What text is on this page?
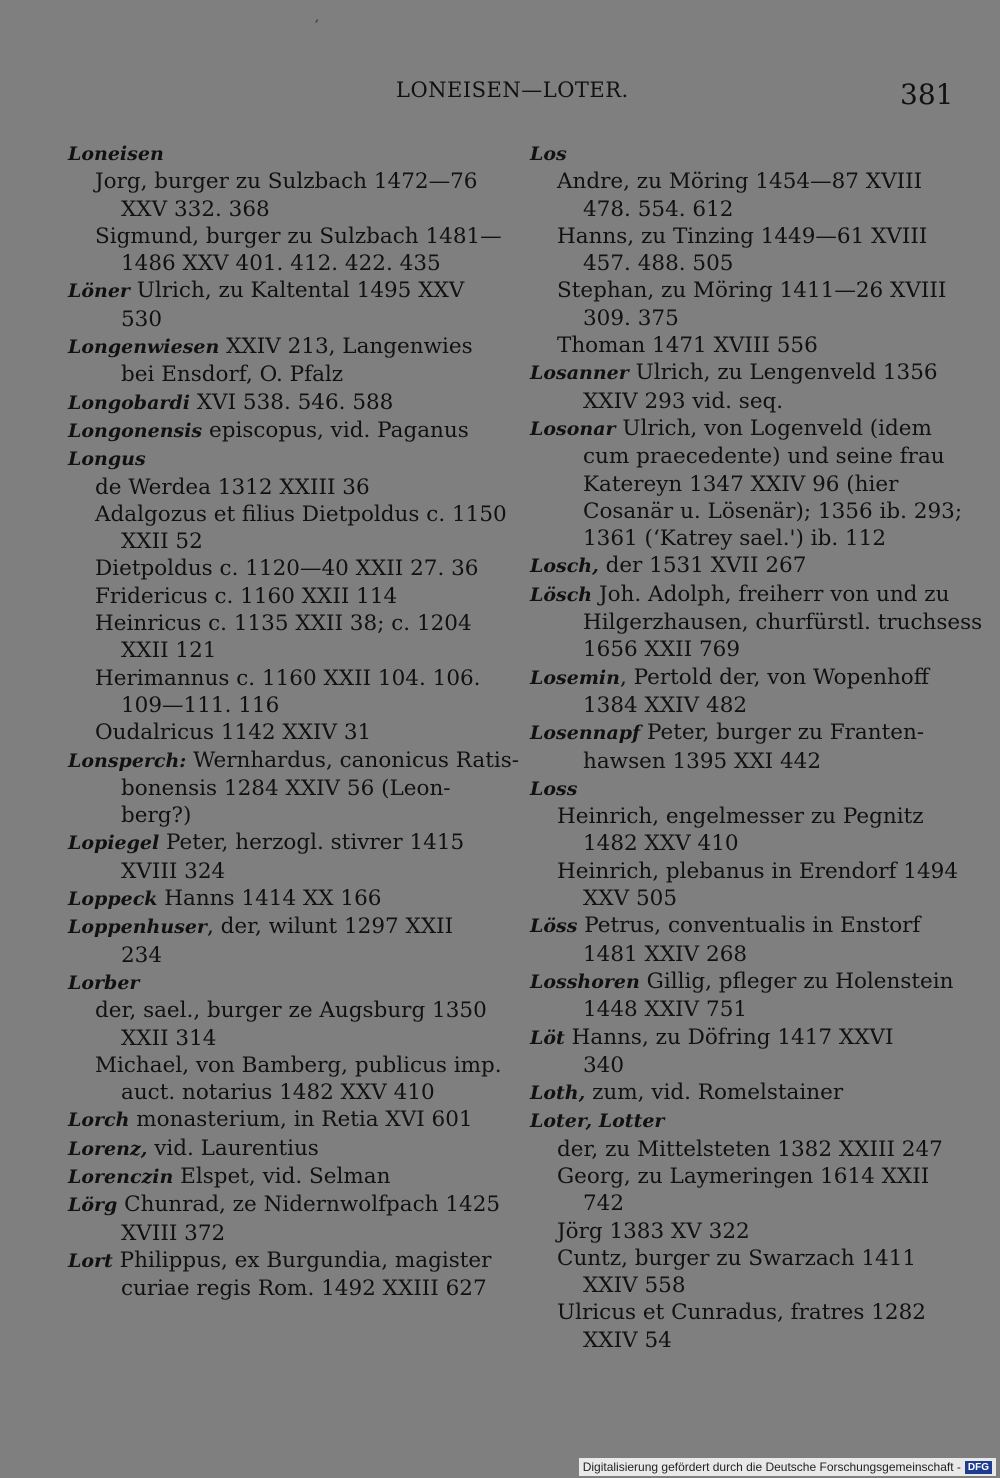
ʼ
LONEISEN—LOTER.	381
Loneisen
Jorg, burger zu Sulzbach 1472—76
XXV 332. 368
Sigmund, burger zu Sulzbach 1481—
1486 XXV 401. 412. 422. 435
Löner Ulrich, zu Kaltental 1495 XXV
530
Longenwiesen XXIV 213, Langenwies
bei Ensdorf, O. Pfalz
Longobardi XVI 538. 546. 588
Longonensis episcopus, vid. Paganus
Longus
de Werdea 1312 XXIII 36
Adalgozus et filius Dietpoldus c. 1150
XXII 52
Dietpoldus c. 1120—40 XXII 27. 36
Fridericus c. 1160 XXII 114
Heinricus c. 1135 XXII 38; c. 1204
XXII 121
Herimannus c. 1160 XXII 104. 106.
109—111. 116
Oudalricus 1142 XXIV 31
Lonsperch: Wernhardus, canonicus Ratis-
bonensis 1284 XXIV 56 (Leon-
berg?)
Lopiegel Peter, herzogl. stivrer 1415
XVIII 324
Loppeck Hanns 1414 XX 166
Loppenhuser, der, wilunt 1297 XXII
234
Lorber
der, sael., burger ze Augsburg 1350
XXII 314
Michael, von Bamberg, publicus imp.
auct. notarius 1482 XXV 410
Lorch monasterium, in Retia XVI 601
Lorenz, vid. Laurentius
Lorenczin Elspet, vid. Selman
Lörg Chunrad, ze Nidernwolfpach 1425
XVIII 372
Lort Philippus, ex Burgundia, magister
curiae regis Rom. 1492 XXIII 627
Los
Andre, zu Möring 1454—87 XVIII
478. 554. 612
Hanns, zu Tinzing 1449—61 XVIII
457. 488. 505
Stephan, zu Möring 1411—26 XVIII
309. 375
Thoman 1471 XVIII 556
Losanner Ulrich, zu Lengenveld 1356
XXIV 293 vid. seq.
Losonar Ulrich, von Logenveld (idem
cum praecedente) und seine frau
Katereyn 1347 XXIV 96 (hier
Cosanär u. Lösenär); 1356 ib. 293;
1361 (ʻKatrey sael.') ib. 112
Losch, der 1531 XVII 267
Lösch Joh. Adolph, freiherr von und zu
Hilgerzhausen, churfürstl. truchsess
1656 XXII 769
Losemin, Pertold der, von Wopenhoff
1384 XXIV 482
Losennapf Peter, burger zu Franten-
hawsen 1395 XXI 442
Loss
Heinrich, engelmesser zu Pegnitz
1482 XXV 410
Heinrich, plebanus in Erendorf 1494
XXV 505
Löss Petrus, conventualis in Enstorf
1481 XXIV 268
Losshoren Gillig, pfleger zu Holenstein
1448 XXIV 751
Löt Hanns, zu Döfring 1417 XXVI
340
Loth, zum, vid. Romelstainer
Loter, Lotter
der, zu Mittelsteten 1382 XXIII 247
Georg, zu Laymeringen 1614 XXII
742
Jörg 1383 XV 322
Cuntz, burger zu Swarzach 1411
XXIV 558
Ulricus et Cunradus, fratres 1282
XXIV 54
Digitalisierung gefördert durch die Deutsche Forschungsgemeinschaft - DFG
